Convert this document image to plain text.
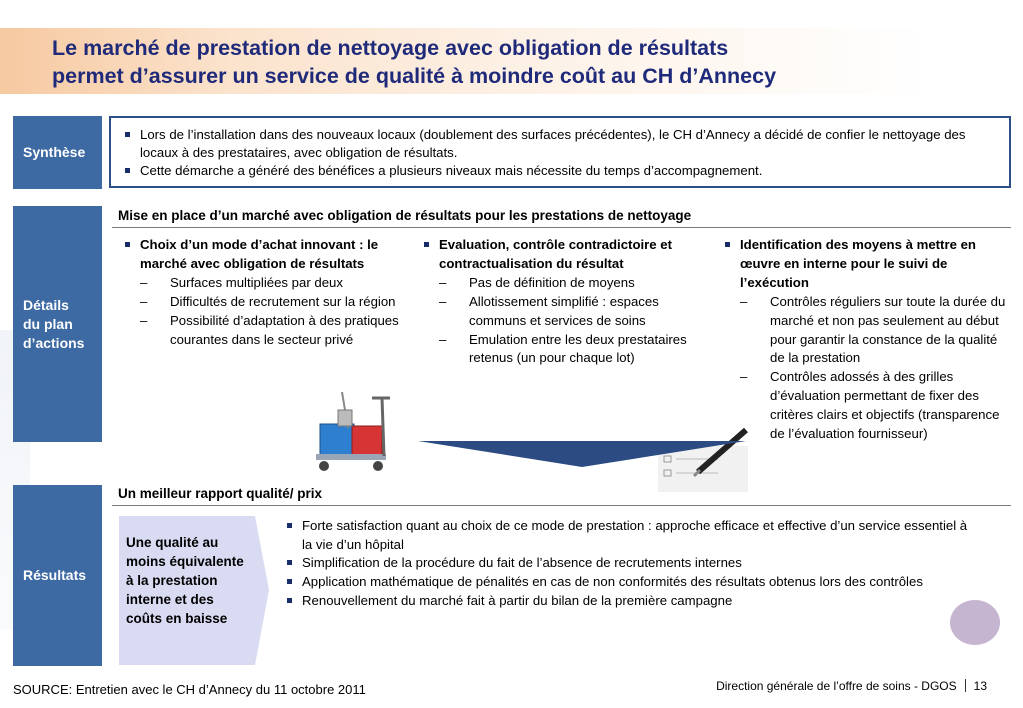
Le marché de prestation de nettoyage avec obligation de résultats
permet d’assurer un service de qualité à moindre coût au CH d’Annecy
Synthèse
Lors de l’installation dans des nouveaux locaux (doublement des surfaces précédentes), le CH d’Annecy a décidé de confier le nettoyage des locaux à des prestataires, avec obligation de résultats.
Cette démarche a généré des bénéfices a plusieurs niveaux mais nécessite du temps d’accompagnement.
Détails
du plan
d’actions
Mise en place d’un marché avec obligation de résultats pour les prestations de nettoyage
Choix d’un mode d’achat innovant : le marché avec obligation de résultats
– Surfaces multipliées par deux
– Difficultés de recrutement sur la région
– Possibilité d’adaptation à des pratiques courantes dans le secteur privé
Evaluation, contrôle contradictoire et contractualisation du résultat
– Pas de définition de moyens
– Allotissement simplifié : espaces communs et services de soins
– Emulation entre les deux prestataires retenus (un pour chaque lot)
Identification des moyens à mettre en œuvre en interne pour le suivi de l’exécution
– Contrôles réguliers sur toute la durée du marché et non pas seulement au début pour garantir la constance de la qualité de la prestation
– Contrôles adossés à des grilles d’évaluation permettant de fixer des critères clairs et objectifs (transparence de l’évaluation fournisseur)
Résultats
Un meilleur rapport qualité/ prix
Une qualité au moins équivalente à la prestation interne et des coûts en baisse
Forte satisfaction quant au choix de ce mode de prestation : approche efficace et effective d’un service essentiel à la vie d’un hôpital
Simplification de la procédure du fait de l’absence de recrutements internes
Application mathématique de pénalités en cas de non conformités des résultats obtenus lors des contrôles
Renouvellement du marché fait à partir du bilan de la première campagne
SOURCE: Entretien avec le CH d’Annecy du 11 octobre 2011	Direction générale de l’offre de soins - DGOS 13
